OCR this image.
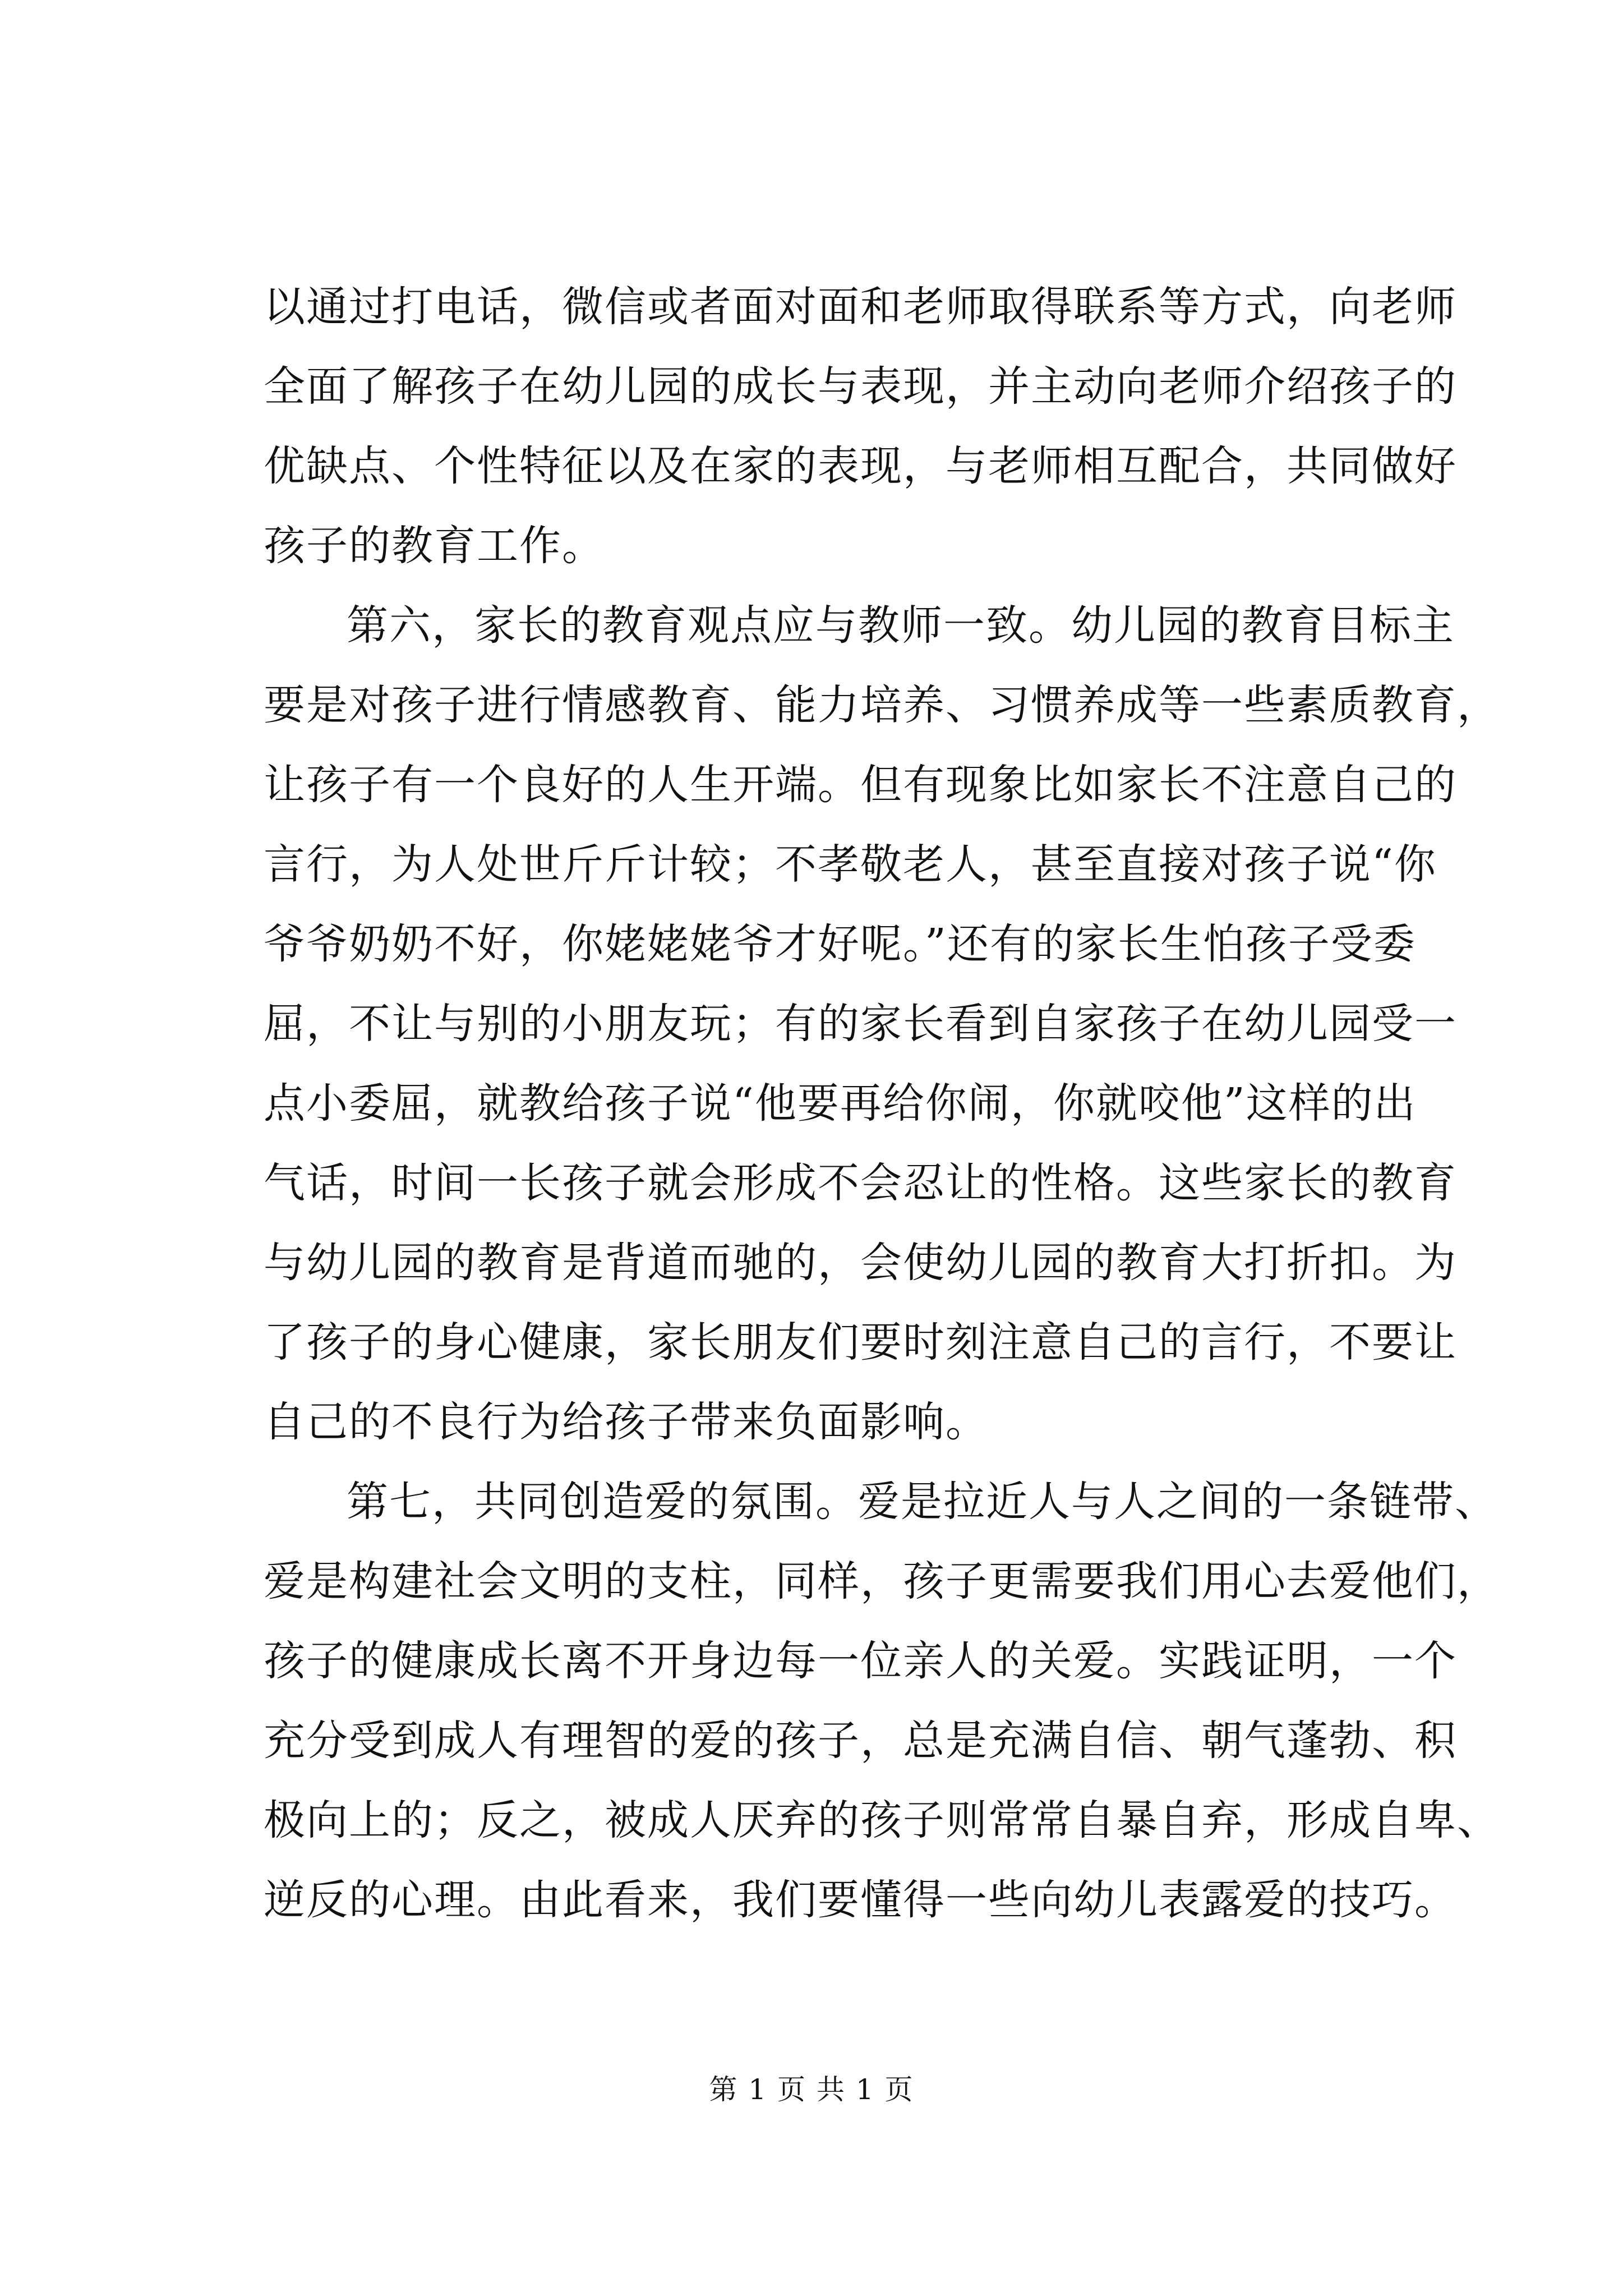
以通过打电话，微信或者面对面和老师取得联系等方式，向老师
全面了解孩子在幼儿园的成长与表现，并主动向老师介绍孩子的
优缺点、个性特征以及在家的表现，与老师相互配合，共同做好
孩子的教育工作。
第六，家长的教育观点应与教师一致。幼儿园的教育目标主
要是对孩子进行情感教育、能力培养、习惯养成等一些素质教育，
让孩子有一个良好的人生开端。但有现象比如家长不注意自己的
言行，为人处世斤斤计较；不孝敬老人，甚至直接对孩子说“你
爷爷奶奶不好，你姥姥姥爷才好呢。”还有的家长生怕孩子受委
屈，不让与别的小朋友玩；有的家长看到自家孩子在幼儿园受一
点小委屈，就教给孩子说“他要再给你闹，你就咬他”这样的出
气话，时间一长孩子就会形成不会忍让的性格。这些家长的教育
与幼儿园的教育是背道而驰的，会使幼儿园的教育大打折扣。为
了孩子的身心健康，家长朋友们要时刻注意自己的言行，不要让
自己的不良行为给孩子带来负面影响。
第七，共同创造爱的氛围。爱是拉近人与人之间的一条链带、
爱是构建社会文明的支柱，同样，孩子更需要我们用心去爱他们，
孩子的健康成长离不开身边每一位亲人的关爱。实践证明，一个
充分受到成人有理智的爱的孩子，总是充满自信、朝气蓬勃、积
极向上的；反之，被成人厌弃的孩子则常常自暴自弃，形成自卑、
逆反的心理。由此看来，我们要懂得一些向幼儿表露爱的技巧。
第 1 页 共 1 页
